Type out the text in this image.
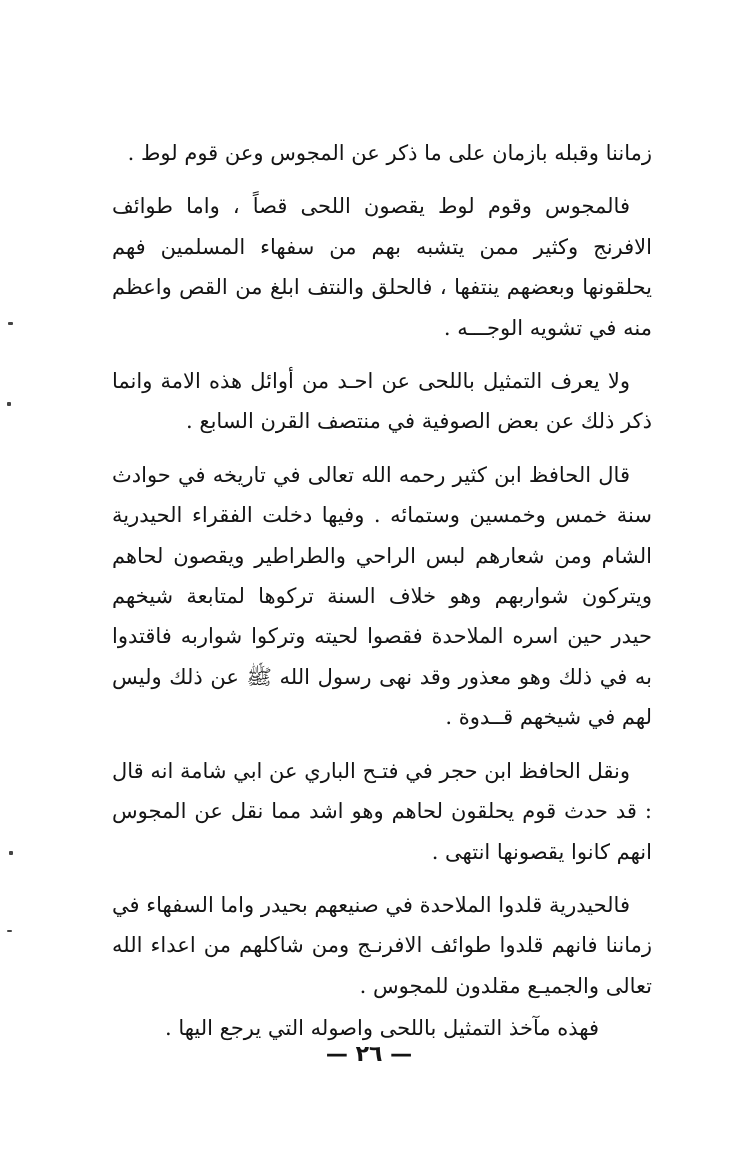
زماننا وقبله بازمان على ما ذكر عن المجوس وعن قوم لوط .

فالمجوس وقوم لوط يقصون اللحى قصاً ، واما طوائف الافرنج وكثير ممن يتشبه بهم من سفهاء المسلمين فهم يحلقونها وبعضهم ينتفها ، فالحلق والنتف ابلغ من القص واعظم منه في تشويه الوجـــه .

ولا يعرف التمثيل باللحى عن احـد من أوائل هذه الامة وانما ذكر ذلك عن بعض الصوفية في منتصف القرن السابع .

قال الحافظ ابن كثير رحمه الله تعالى في تاريخه في حوادث سنة خمس وخمسين وستمائه . وفيها دخلت الفقراء الحيدرية الشام ومن شعارهم لبس الراحي والطراطير ويقصون لحاهم ويتركون شواربهم وهو خلاف السنة تركوها لمتابعة شيخهم حيدر حين اسره الملاحدة فقصوا لحيته وتركوا شواربه فاقتدوا به في ذلك وهو معذور وقد نهى رسول الله ﷺ عن ذلك وليس لهم في شيخهم قــدوة .

ونقل الحافظ ابن حجر في فتـح الباري عن ابي شامة انه قال : قد حدث قوم يحلقون لحاهم وهو اشد مما نقل عن المجوس انهم كانوا يقصونها انتهى .

فالحيدرية قلدوا الملاحدة في صنيعهم بحيدر واما السفهاء في زماننا فانهم قلدوا طوائف الافرنـج ومن شاكلهم من اعداء الله تعالى والجميـع مقلدون للمجوس .

فهذه مآخذ التمثيل باللحى واصوله التي يرجع اليها .

— ٢٦ —
